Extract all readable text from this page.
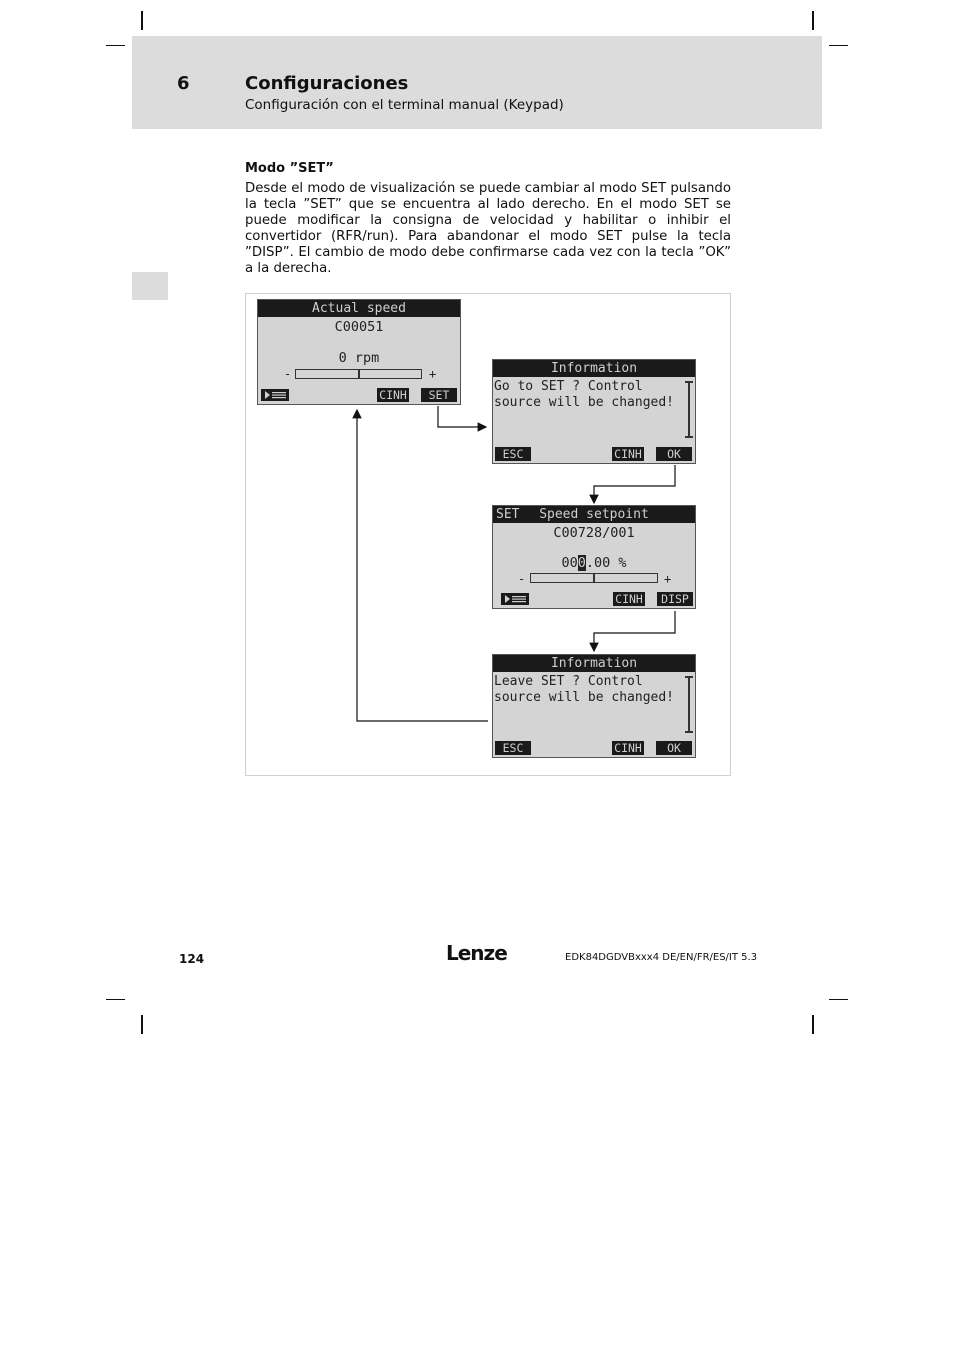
6	Configuraciones
Configuración con el terminal manual (Keypad)
Modo ”SET”
Desde el modo de visualización se puede cambiar al modo SET pulsando la tecla ”SET” que se encuentra al lado derecho. En el modo SET se puede modificar la consigna de velocidad y habilitar o inhibir el convertidor (RFR/run). Para abandonar el modo SET pulse la tecla ”DISP”. El cambio de modo debe confirmarse cada vez con la tecla ”OK” a la derecha.
Actual speed
C00051
0 rpm
-	+
CINH	SET
Information
Go to SET ? Control
source will be changed!
ESC	CINH	OK
Speed setpoint
SET
C00728/001
000.00 %
-	+
CINH	DISP
Information
Leave SET ? Control
source will be changed!
ESC	CINH	OK
124	Lenze	EDK84DGDVBxxx4 DE/EN/FR/ES/IT 5.3
